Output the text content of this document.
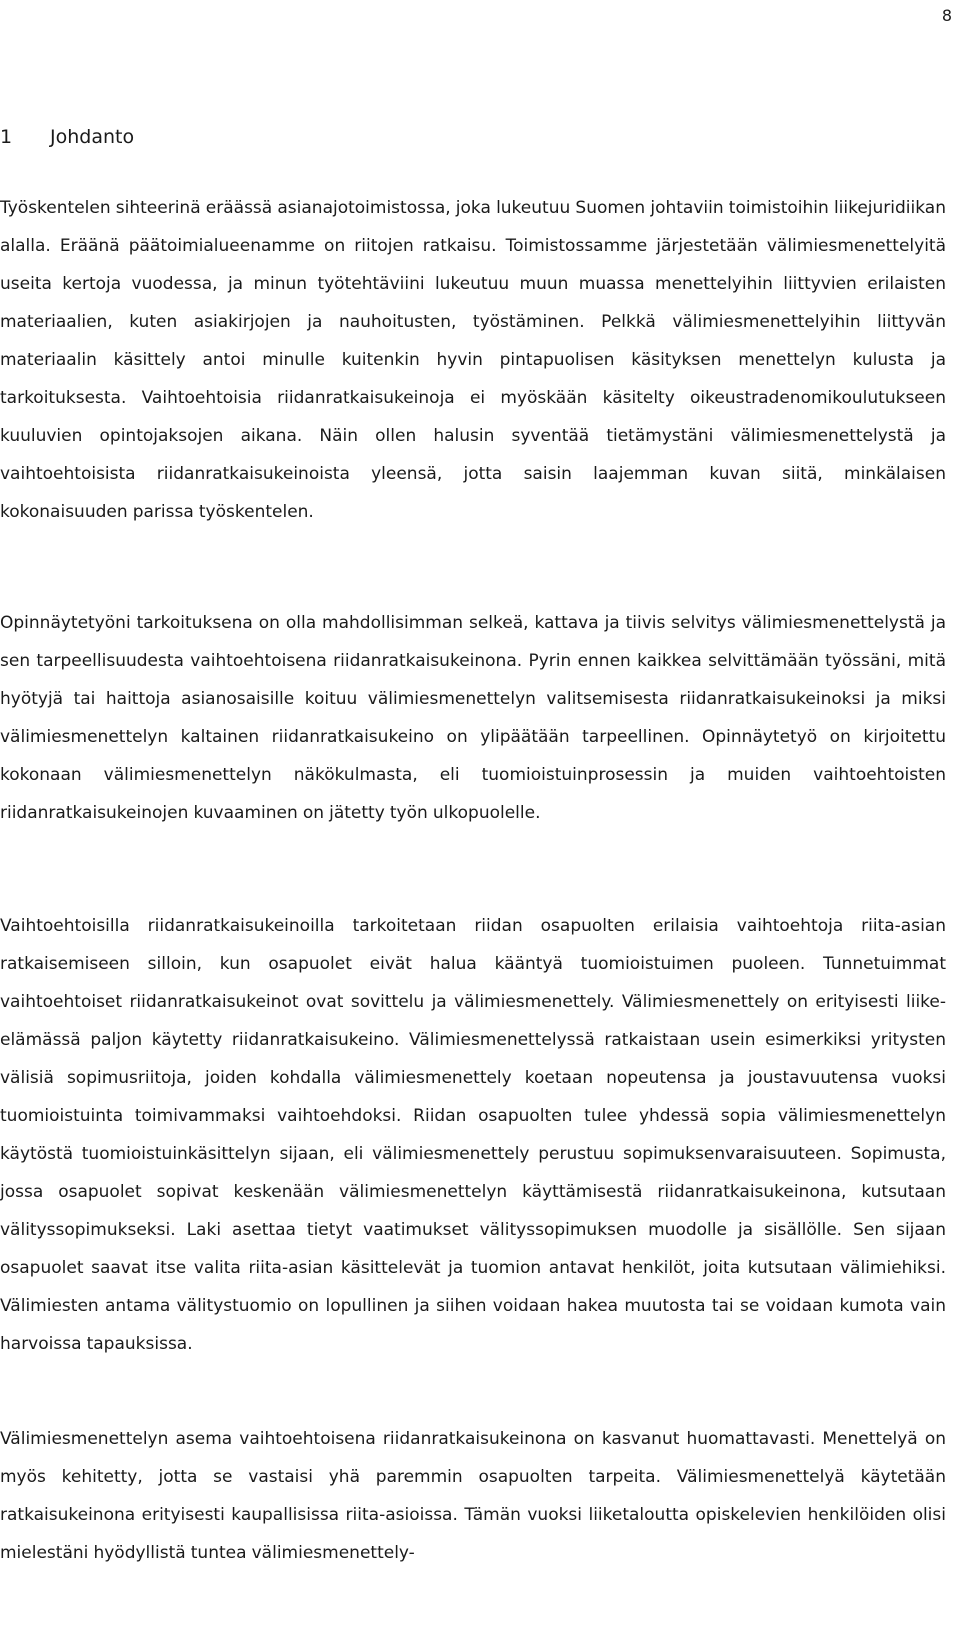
8

1 Johdanto

Työskentelen sihteerinä eräässä asianajotoimistossa, joka lukeutuu Suomen johtaviin toimistoihin liikejuridiikan alalla. Eräänä päätoimialueenamme on riitojen ratkaisu. Toimistossamme järjestetään välimiesmenettelyitä useita kertoja vuodessa, ja minun työtehtäviini lukeutuu muun muassa menettelyihin liittyvien erilaisten materiaalien, kuten asiakirjojen ja nauhoitusten, työstäminen. Pelkkä välimiesmenettelyihin liittyvän materiaalin käsittely antoi minulle kuitenkin hyvin pintapuolisen käsityksen menettelyn kulusta ja tarkoituksesta. Vaihtoehtoisia riidanratkaisukeinoja ei myöskään käsitelty oikeustradenomikoulutukseen kuuluvien opintojaksojen aikana. Näin ollen halusin syventää tietämystäni välimiesmenettelystä ja vaihtoehtoisista riidanratkaisukeinoista yleensä, jotta saisin laajemman kuvan siitä, minkälaisen kokonaisuuden parissa työskentelen.

Opinnäytetyöni tarkoituksena on olla mahdollisimman selkeä, kattava ja tiivis selvitys välimiesmenettelystä ja sen tarpeellisuudesta vaihtoehtoisena riidanratkaisukeinona. Pyrin ennen kaikkea selvittämään työssäni, mitä hyötyjä tai haittoja asianosaisille koituu välimiesmenettelyn valitsemisesta riidanratkaisukeinoksi ja miksi välimiesmenettelyn kaltainen riidanratkaisukeino on ylipäätään tarpeellinen. Opinnäytetyö on kirjoitettu kokonaan välimiesmenettelyn näkökulmasta, eli tuomioistuinprosessin ja muiden vaihtoehtoisten riidanratkaisukeinojen kuvaaminen on jätetty työn ulkopuolelle.

Vaihtoehtoisilla riidanratkaisukeinoilla tarkoitetaan riidan osapuolten erilaisia vaihtoehtoja riita-asian ratkaisemiseen silloin, kun osapuolet eivät halua kääntyä tuomioistuimen puoleen. Tunnetuimmat vaihtoehtoiset riidanratkaisukeinot ovat sovittelu ja välimiesmenettely. Välimiesmenettely on erityisesti liike-elämässä paljon käytetty riidanratkaisukeino. Välimiesmenettelyssä ratkaistaan usein esimerkiksi yritysten välisiä sopimusriitoja, joiden kohdalla välimiesmenettely koetaan nopeutensa ja joustavuutensa vuoksi tuomioistuinta toimivammaksi vaihtoehdoksi. Riidan osapuolten tulee yhdessä sopia välimiesmenettelyn käytöstä tuomioistuinkäsittelyn sijaan, eli välimiesmenettely perustuu sopimuksenvaraisuuteen. Sopimusta, jossa osapuolet sopivat keskenään välimiesmenettelyn käyttämisestä riidanratkaisukeinona, kutsutaan välityssopimukseksi. Laki asettaa tietyt vaatimukset välityssopimuksen muodolle ja sisällölle. Sen sijaan osapuolet saavat itse valita riita-asian käsittelevät ja tuomion antavat henkilöt, joita kutsutaan välimiehiksi. Välimiesten antama välitystuomio on lopullinen ja siihen voidaan hakea muutosta tai se voidaan kumota vain harvoissa tapauksissa.

Välimiesmenettelyn asema vaihtoehtoisena riidanratkaisukeinona on kasvanut huomattavasti. Menettelyä on myös kehitetty, jotta se vastaisi yhä paremmin osapuolten tarpeita. Välimiesmenettelyä käytetään ratkaisukeinona erityisesti kaupallisissa riita-asioissa. Tämän vuoksi liiketaloutta opiskelevien henkilöiden olisi mielestäni hyödyllistä tuntea välimiesmenettely-
